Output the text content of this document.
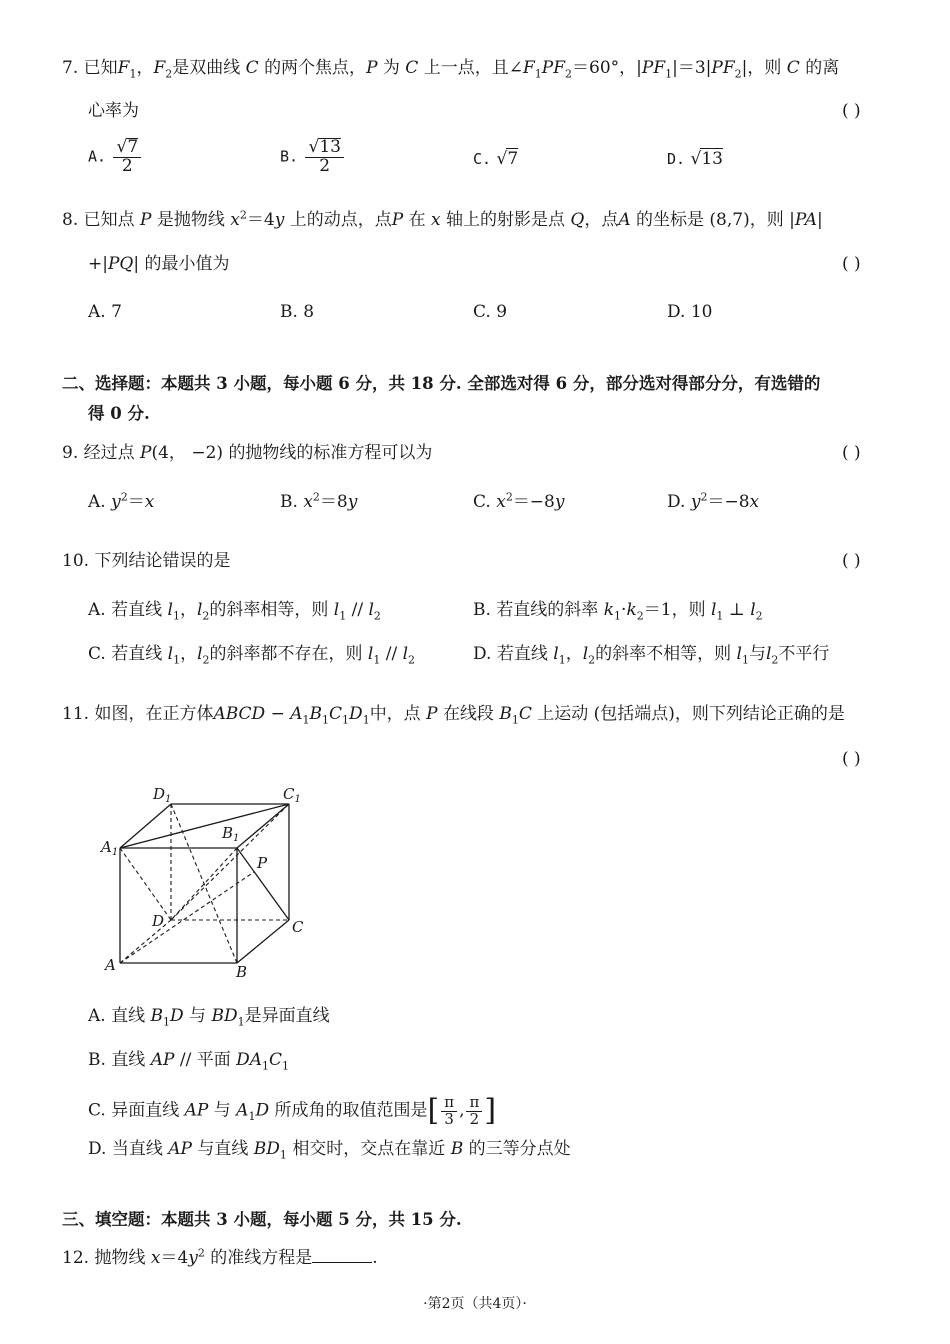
7. 已知$F_1$，$F_2$是双曲线 C 的两个焦点，P 为 C 上一点，且$\angle F_1PF_2=60^\circ$，$|PF_1|=3|PF_2|$，则 C 的离
心率为	( )
A. $\frac{√7}{2}$	B. $\frac{√13}{2}$	C. √7	D. √13
8. 已知点 P 是抛物线 $x^2=4y$ 上的动点，点P 在 x 轴上的射影是点 Q，点A 的坐标是 (8,7)，则 |PA|
+|PQ| 的最小值为	( )
A. 7	B. 8	C. 9	D. 10
二、选择题：本题共 3 小题，每小题 6 分，共 18 分. 全部选对得 6 分，部分选对得部分分，有选错的
得 0 分.
9. 经过点 P(4， −2) 的抛物线的标准方程可以为	( )
A. $y^2=x$	B. $x^2=8y$	C. $x^2=-8y$	D. $y^2=-8x$
10. 下列结论错误的是	( )
A. 若直线 $l_1$，$l_2$的斜率相等，则 $l_1 // l_2$	B. 若直线的斜率 $k_1\cdot k_2=1$，则 $l_1$ ⊥ $l_2$
C. 若直线 $l_1$，$l_2$的斜率都不存在，则 $l_1 // l_2$	D. 若直线 $l_1$，$l_2$的斜率不相等，则 $l_1$与$l_2$不平行
11. 如图，在正方体ABCD − $A_1B_1C_1D_1$中，点 P 在线段 $B_1C$ 上运动 (包括端点)，则下列结论正确的是
( )
$D_1$	$C_1$
$B_1$
$A_1$
P
D	C
A	B
A. 直线 $B_1D$ 与 $BD_1$是异面直线
B. 直线 AP // 平面 $DA_1C_1$
C. 异面直线 AP 与 $A_1D$ 所成角的取值范围是[ $\frac{\pi}{3}$ , $\frac{\pi}{2}$ ]
D. 当直线 AP 与直线 $BD_1$ 相交时，交点在靠近 B 的三等分点处
三、填空题：本题共 3 小题，每小题 5 分，共 15 分.
12. 抛物线 $x=4y^2$ 的准线方程是	.
·第2页（共4页）·
